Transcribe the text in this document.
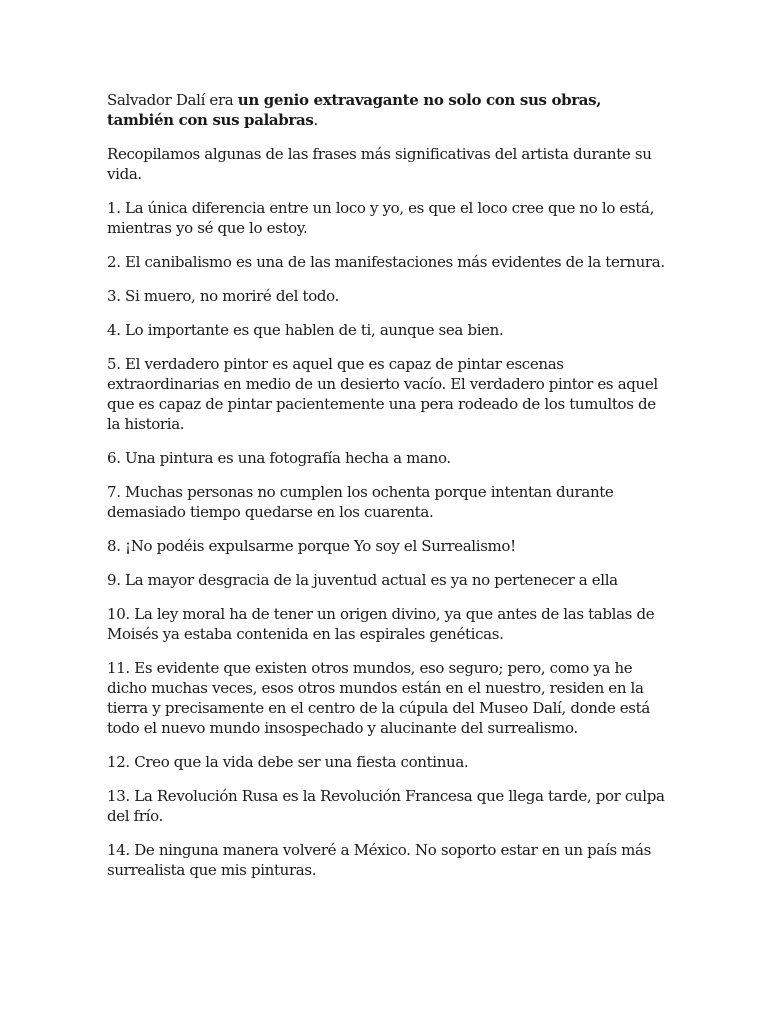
Salvador Dalí era un genio extravagante no solo con sus obras, también con sus palabras.

Recopilamos algunas de las frases más significativas del artista durante su vida.

1. La única diferencia entre un loco y yo, es que el loco cree que no lo está, mientras yo sé que lo estoy.

2. El canibalismo es una de las manifestaciones más evidentes de la ternura.

3. Si muero, no moriré del todo.

4. Lo importante es que hablen de ti, aunque sea bien.

5. El verdadero pintor es aquel que es capaz de pintar escenas extraordinarias en medio de un desierto vacío. El verdadero pintor es aquel que es capaz de pintar pacientemente una pera rodeado de los tumultos de la historia.

6. Una pintura es una fotografía hecha a mano.

7. Muchas personas no cumplen los ochenta porque intentan durante demasiado tiempo quedarse en los cuarenta.

8. ¡No podéis expulsarme porque Yo soy el Surrealismo!

9. La mayor desgracia de la juventud actual es ya no pertenecer a ella

10. La ley moral ha de tener un origen divino, ya que antes de las tablas de Moisés ya estaba contenida en las espirales genéticas.

11. Es evidente que existen otros mundos, eso seguro; pero, como ya he dicho muchas veces, esos otros mundos están en el nuestro, residen en la tierra y precisamente en el centro de la cúpula del Museo Dalí, donde está todo el nuevo mundo insospechado y alucinante del surrealismo.

12. Creo que la vida debe ser una fiesta continua.

13. La Revolución Rusa es la Revolución Francesa que llega tarde, por culpa del frío.

14. De ninguna manera volveré a México. No soporto estar en un país más surrealista que mis pinturas.
